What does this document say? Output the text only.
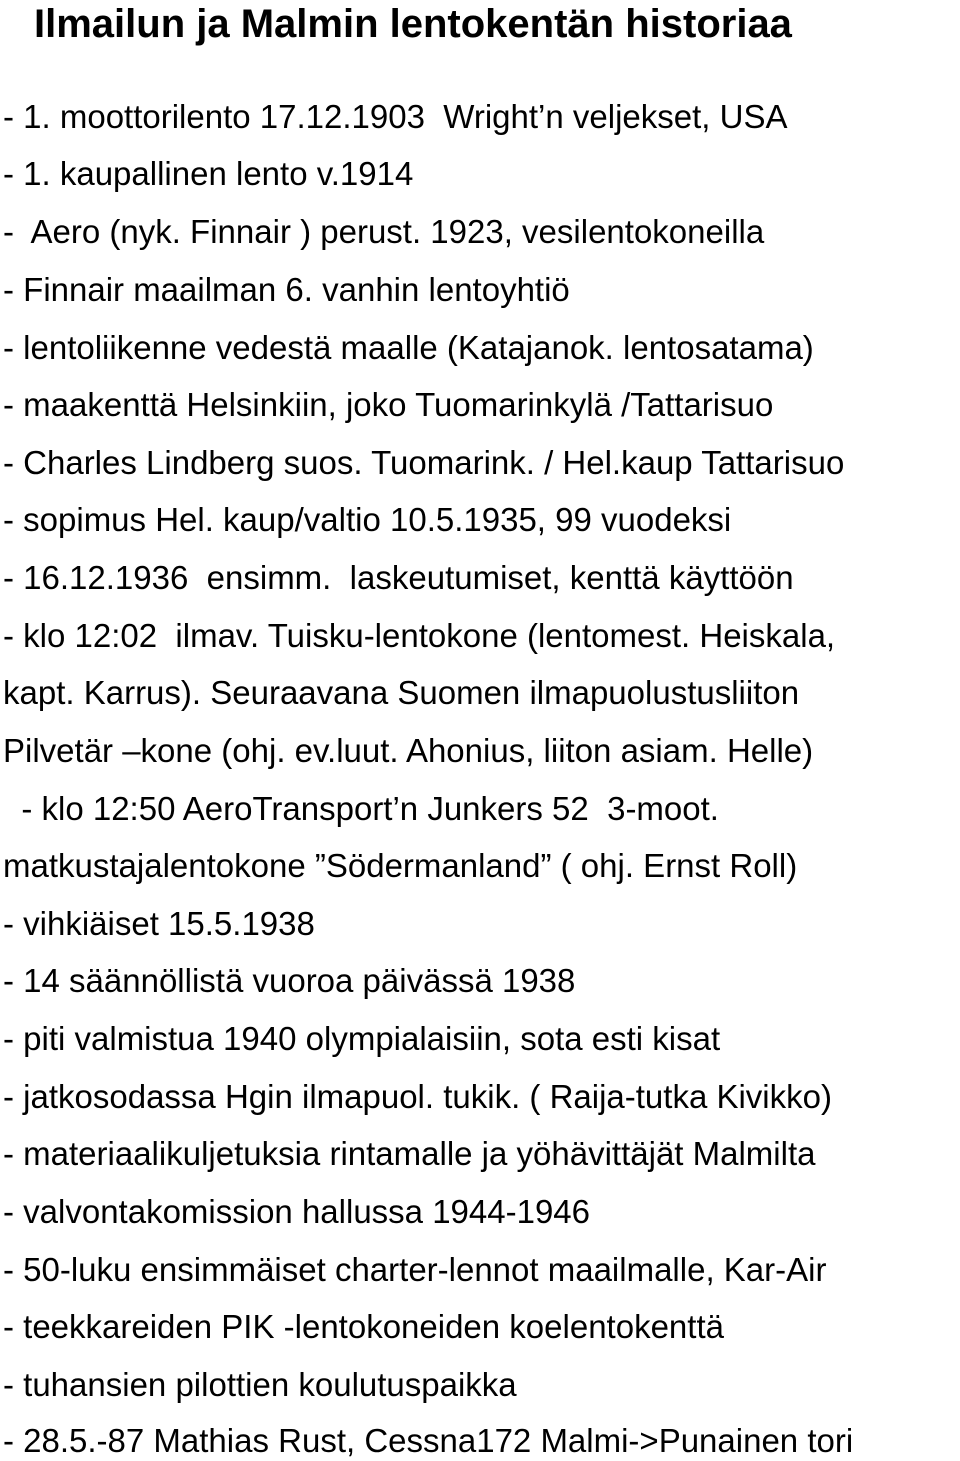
Ilmailun ja Malmin lentokentän historiaa
- 1. moottorilento 17.12.1903  Wright’n veljekset, USA
- 1. kaupallinen lento v.1914
-  Aero (nyk. Finnair ) perust. 1923, vesilentokoneilla
- Finnair maailman 6. vanhin lentoyhtiö
- lentoliikenne vedestä maalle (Katajanok. lentosatama)
- maakenttä Helsinkiin, joko Tuomarinkylä /Tattarisuo
- Charles Lindberg suos. Tuomarink. / Hel.kaup Tattarisuo
- sopimus Hel. kaup/valtio 10.5.1935, 99 vuodeksi
- 16.12.1936  ensimm.  laskeutumiset, kenttä käyttöön
- klo 12:02  ilmav. Tuisku-lentokone (lentomest. Heiskala,
kapt. Karrus). Seuraavana Suomen ilmapuolustusliiton
Pilvetär –kone (ohj. ev.luut. Ahonius, liiton asiam. Helle)
- klo 12:50 AeroTransport’n Junkers 52  3-moot.
matkustajalentokone ”Södermanland” ( ohj. Ernst Roll)
- vihkiäiset 15.5.1938
- 14 säännöllistä vuoroa päivässä 1938
- piti valmistua 1940 olympialaisiin, sota esti kisat
- jatkosodassa Hgin ilmapuol. tukik. ( Raija-tutka Kivikko)
- materiaalikuljetuksia rintamalle ja yöhävittäjät Malmilta
- valvontakomission hallussa 1944-1946
- 50-luku ensimmäiset charter-lennot maailmalle, Kar-Air
- teekkareiden PIK -lentokoneiden koelentokenttä
- tuhansien pilottien koulutuspaikka
- 28.5.-87 Mathias Rust, Cessna172 Malmi->Punainen tori
